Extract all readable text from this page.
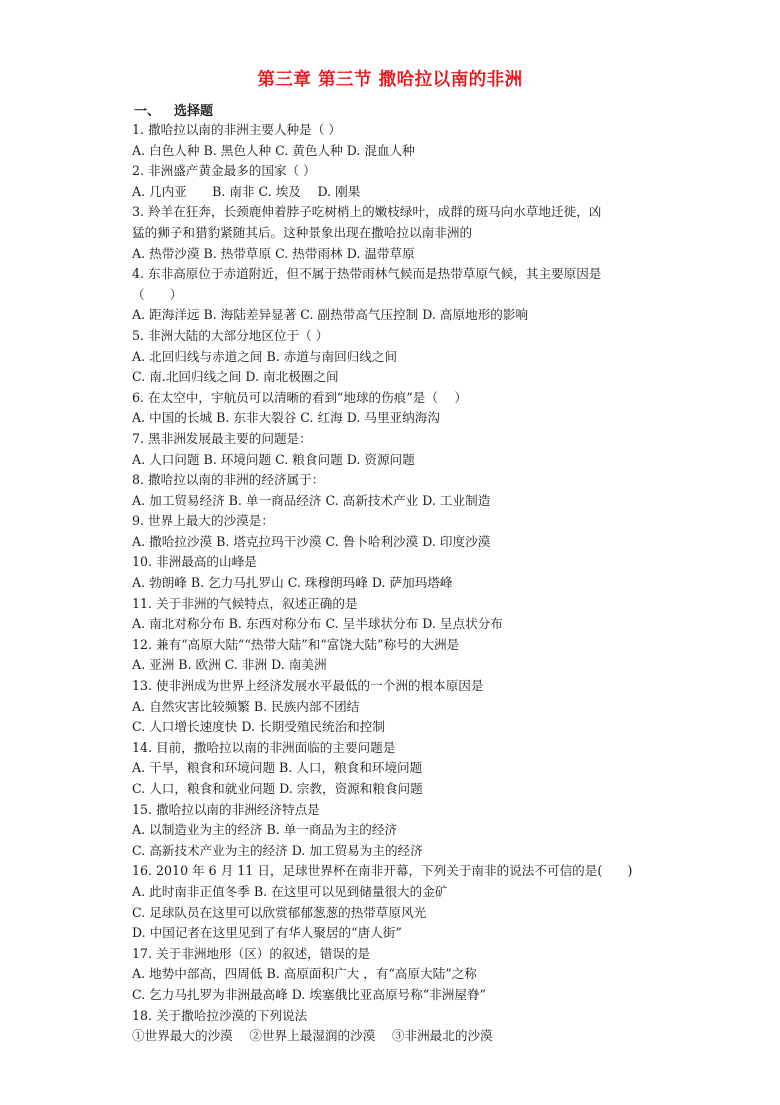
第三章 第三节 撒哈拉以南的非洲
一、 选择题
1. 撒哈拉以南的非洲主要人种是（ ）
A. 白色人种 B. 黑色人种 C. 黄色人种 D. 混血人种
2. 非洲盛产黄金最多的国家（ ）
A. 几内亚　　B. 南非 C. 埃及　 D. 刚果
3. 羚羊在狂奔，长颈鹿伸着脖子吃树梢上的嫩枝绿叶，成群的斑马向水草地迁徙，凶
猛的狮子和猎豹紧随其后。这种景象出现在撒哈拉以南非洲的
A. 热带沙漠 B. 热带草原 C. 热带雨林 D. 温带草原
4. 东非高原位于赤道附近，但不属于热带雨林气候而是热带草原气候，其主要原因是
（　　）
A. 距海洋远 B. 海陆差异显著 C. 副热带高气压控制 D. 高原地形的影响
5. 非洲大陆的大部分地区位于（ ）
A. 北回归线与赤道之间 B. 赤道与南回归线之间
C. 南.北回归线之间 D. 南北极圈之间
6. 在太空中，宇航员可以清晰的看到“地球的伤痕”是（　 ）
A. 中国的长城 B. 东非大裂谷 C. 红海 D. 马里亚纳海沟
7. 黑非洲发展最主要的问题是：
A. 人口问题 B. 环境问题 C. 粮食问题 D. 资源问题
8. 撒哈拉以南的非洲的经济属于：
A. 加工贸易经济 B. 单一商品经济 C. 高新技术产业 D. 工业制造
9. 世界上最大的沙漠是：
A. 撒哈拉沙漠 B. 塔克拉玛干沙漠 C. 鲁卜哈利沙漠 D. 印度沙漠
10. 非洲最高的山峰是
A. 勃朗峰 B. 乞力马扎罗山 C. 珠穆朗玛峰 D. 萨加玛塔峰
11. 关于非洲的气候特点，叙述正确的是
A. 南北对称分布 B. 东西对称分布 C. 呈半球状分布 D. 呈点状分布
12. 兼有“高原大陆”“热带大陆”和“富饶大陆”称号的大洲是
A. 亚洲 B. 欧洲 C. 非洲 D. 南美洲
13. 使非洲成为世界上经济发展水平最低的一个洲的根本原因是
A. 自然灾害比较频繁 B. 民族内部不团结
C. 人口增长速度快 D. 长期受殖民统治和控制
14. 目前，撒哈拉以南的非洲面临的主要问题是
A. 干旱，粮食和环境问题 B. 人口，粮食和环境问题
C. 人口，粮食和就业问题 D. 宗教，资源和粮食问题
15. 撒哈拉以南的非洲经济特点是
A. 以制造业为主的经济 B. 单一商品为主的经济
C. 高新技术产业为主的经济 D. 加工贸易为主的经济
16. 2010 年 6 月 11 日，足球世界杯在南非开幕，下列关于南非的说法不可信的是(　　)
A. 此时南非正值冬季 B. 在这里可以见到储量很大的金矿
C. 足球队员在这里可以欣赏郁郁葱葱的热带草原风光
D. 中国记者在这里见到了有华人聚居的“唐人街”
17. 关于非洲地形（区）的叙述，错误的是
A. 地势中部高，四周低 B. 高原面积广大 ，有“高原大陆”之称
C. 乞力马扎罗为非洲最高峰 D. 埃塞俄比亚高原号称“非洲屋脊”
18. 关于撒哈拉沙漠的下列说法
①世界最大的沙漠　 ②世界上最湿润的沙漠　 ③非洲最北的沙漠
